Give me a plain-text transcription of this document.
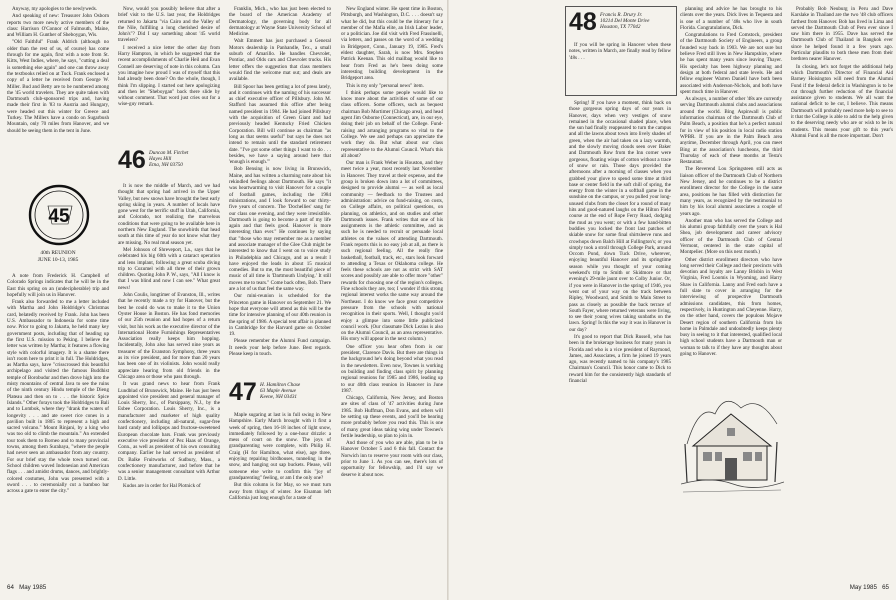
Anyway, my apologies to the newlyweds.

And speaking of new: Treasurer John Osborn reports two more newly active members of the class: Harrison O'Connor of Falmouth, Maine, and William H. Gunther of Sheboygan, Wis.

"Old Faithful" Frank Aldrich (although no older than the rest of us, of course) has come through for me again, first with a note from St. Kitts, West Indies, where, he says, "cutting a deal is something else again" and one can throw away the textbooks relied on at Tuck. Frank enclosed a copy of a letter he received from George W. Miller. Bud and Betty are to be numbered among the '45 world travelers. They are quite taken with Dartmouth club-sponsored trips and, having made their first in '83 to Austria and Hungary, were headed out this winter for Greece and Turkey. The Millers have a condo on Sugarbush Mountain, only 70 miles from Hanover, and we should be seeing them in the tent in June.

45
40th REUNION
JUNE 10-13, 1985

A note from Frederick H. Campbell of Colorado Springs indicates that he will be in the East this spring on an (undecipherable) trip and hopefully will join us in Hanover.

Frank also forwarded to me a letter included with Martha and John Holdridge's Christmas card, belatedly received by Frank. John has been U.S. Ambassador to Indonesia for some time now. Prior to going to Jakarta, he held many key government posts, including that of heading up the first U.S. mission to Peking. I believe the letter was written by Martha; it features a flowing style with colorful imagery. It is a shame there isn't room here to print it in full. The Holdridges, as Martha says, have "crisscrossed this beautiful archipelago and visited the famous Buddhist temple of Borobudur and then drove high into the misty mountains of central Java to see the ruins of the ninth century Hindu temple of the Dieng Plateau and then on to . . . the historic Spice Islands." Other forays took the Holdridges to Bali and to Lombok, where they "drank the waters of longevity . . . and ate sweet rice cones in a pavilion built in 1805 to represent a high and sacred volcano." Mount Rinjani, by a king who was too old to climb the mountain." An extended tour took them to Borneo and to many provincial towns, among them Surabaya, "where the people had never seen an ambassador from any country. For our brief stay the whole town turned out. School children waved Indonesian and American flags . . . and amidst drums, dances, and brightly-colored costumes, John was presented with a sword . . . to ceremonially cut a bamboo bar across a gate to enter the city."

Now, would you possibly believe that after a brief visit to the U.S. last year, the Holdridges returned to Jakarta "via Cairo and the Valley of the Nile, fulfilling a long cherished desire of John's"? Did I say something about '45 world travelers?

I received a nice letter the other day from Harry Hampton, in which he suggested that the recent accomplishments of Charlie Heil and Evan Connell are deserving of note in this column. Can you imagine how proud I was of myself that this had already been done? On the whole, though, I think I'm slipping. I started out here apologizing and then let "Sheboygan" back there slide by without comment. That word just cries out for a wise-guy remark.

46 Duncan M. Fitchet
Hayes Hill
Etna, NH 03750

It is now the middle of March, and we had thought that spring had arrived in the Upper Valley, but new snows have brought the best early spring skiing in years. A number of locals have gone west for the terrific stuff in Utah, California, and Colorado, not realizing the marvelous conditions that were going to be available here in northern New England. The snowbirds that head south at this time of year do not know what they are missing. No real mud season yet.

Mel Johnson of Shreveport, La., says that he celebrated his big 60th with a cataract operation and lens implant, following a great scuba diving trip to Cozumel with all three of their grown children. Quoting John P. W., says, "All I know is that I was blind and now I can see." What great news!

John Coulis, longtimer of Evanston, Ill., writes that he recently made a try for Hanover, but the best he could do was to make it to the Union Oyster House in Boston. He has fond memories of our 25th reunion and had hopes of a return visit, but his work as the executive director of the International Home Furnishings Representatives Association really keeps him hopping. Incidentally, John also has served nine years as treasurer of the Evanston Symphony, three years as its vice president, and for more than 20 years has been one of its violinists. John would really appreciate hearing from old friends in the Chicago area or those who pass through.

It was grand news to hear from Frank Lundblad of Brunswick, Maine. He has just been appointed vice president and general manager of Louis Sherry, Inc., of Parsippany, N.J., by the Esbee Corporation. Louis Sherry, Inc., is a manufacturer and marketer of high quality confectionery, including all-natural, sugar-free hard candy and lollipops and fructose-sweetened European chocolate bars. Frank was previously executive vice president of Pez Haas of Orange, Conn., as well as president of his own consulting company. Earlier he had served as president of Dr. Balke Fruitworks of Sudbury, Mass., a confectionery manufacturer, and before that he was a senior management consultant with Arthur D. Little.

Kudos are in order for Hal Plotnick of

Franklin, Mich., who has just been elected to the board of the American Academy of Dermatology, the governing body for all dermatology at Wayne State University School of Medicine.

Walt Emmett has just purchased a General Motors dealership in Panhandle, Tex., a small suburb of Amarillo. He handles Chevrolet, Pontiac, and Olds cars and Chevrolet trucks. His letter offers the suggestion that class members would find the welcome mat out; and deals are available.

Bill Spoor has been getting a lot of press lately, and it continues with the naming of his successor as chief executive officer of Pillsbury. John M. Stafford has assumed this office after being named president in 1984. He had joined Pillsbury with the acquisition of Green Giant and had previously headed Kentucky Fried Chicken Corporation. Bill will continue as chairman "as long as that seems useful" but says he does not intend to remain until the standard retirement date. "I've got some other things I want to do . . . besides, we have a saying around here that 'enough is enough.'"

Bob Bensing is now living in Brunswick, Maine, and has written a charming note about his rekindled feelings about Dartmouth. He says "it was heartwarming to visit Hanover for a couple of football games, including the 1984 ministrations, and I look forward to our thirty-five years of concern. The 'Dochellies' sang for our class one evening, and they were irresistible. Dartmouth is going to become a part of my life again and that feels good. Hanover is more interesting than ever." He continues by saying that "those who may remember me as a member and associate manager of the Glee Club might be interested to know that I went on to voice study in Philadelphia and Chicago, and as a result I have enjoyed the leads in about 15 musical comedies. But to me, the most beautiful piece of music of all time is 'Dartmouth Undying.' It still moves me to tears." Come back often, Bob. There are a lot of us that feel the same way.

Our mini-reunion is scheduled for the Princeton game in Hanover on September 21. We hope that everyone will attend as this will be the time for intensive planning of our 40th reunion in the spring of 1986. A special tent affair is planned in Cambridge for the Harvard game on October 19.

Please remember the Alumni Fund campaign. It needs your help before June. Best regards. Please keep in touch.

47 H. Hamilton Chase
63 Maple Avenue
Keene, NH 03431

Maple sugaring at last is in full swing in New Hampshire. Early March brought with it first a week of spring, then 16-18 inches of light snow, immediately followed by a one-hour drizzle: a mess of court on the snow. The joys of grandparenting were complete, with Philip H. Craig (H for Hamilton, what else), age three, enjoying repairing birdhouses, tunneling in the snow, and hanging out sap buckets. Please, will someone else write to confirm this "joy of grandparenting" feeling, or am I the only one?

But this column is for May, so we must turn away from things of winter. Joe Eisaman left California just long enough for a taste of

New England winter. He spent time in Boston, Pittsburgh, and Washington, D.C. . . . doesn't say what he did, but this could be the itinerary for a member of the Mafia elite, an Irish Labor leader, or a politician. Joe did visit with Fred Frassinelli, via letters, and passes on the word of a wedding in Bridgeport, Conn., January 19, 1985. Fred's eldest daughter, Sarah, is now Mrs. Stephen Patrick Keenan. This old mailbag would like to hear from Fred as he's been doing some interesting building development in the Bridgeport area.

This is my only "personal news" item.

I think perhaps some people would like to know more about the activities of some of our class officers. Some officers, such as bequest chairman Bob Mortimer (Chicago area), and head agent Jim Osborne (Connecticut), are, in our eye, doing their job on behalf of the College. Fund-raising and arranging programs so vital to the College. We see and perhaps can appreciate the work they do. But what about our class representative to the Alumni Council. What's this all about?

Our man is Frank Weber in Houston, and they meet twice a year, most recently last November in Hanover. They travel at their expense, and the group is broken down into a lot of committees, designed to provide alumni — as well as local community — feedback to the Trustees and administration: advice on fund-raising, on costs, on College affairs, on political questions, on planning, on athletics, and on studies and other Dartmouth issues. Frank writes that one of his assignments is the athletic committee, and as such he is needed to recruit or persuade local athletes on the values of attending Dartmouth. Frank reports this is no easy job at all, as there is such regional feeling. All the really fine basketball, football, track, etc., stars look forward to attending a Texas or Oklahoma college. He feels these schools are not as strict with SAT scores and possibly are able to offer more "other" rewards for choosing one of the region's colleges. Fine schools they are, too; I wonder if this strong regional interest works the same way around the Northeast. I do know we face great competitive pressure from the schools with national recognition in their sports. Well, I thought you'd enjoy a glimpse into some little publicized council work. (Our classmate Dick Lezius is also on the Alumni Council, as an area representative. His story will appear in the next column.)

One officer you hear often from is our president, Clarence Davis. But there are things in the background he's doing beyond what you read in the newsletters. Even now, Townes is working on building and finding class spirit by planning regional reunions for 1985 and 1986, leading up to our 40th class reunion in Hanover in June 1987.

Chicago, California, New Jersey, and Boston are sites of class of '47 activities during June 1985. Bob Huffman, Don Evans, and others will be setting up these events, and you'll be hearing more probably before you read this. This is one of many great ideas taking wing under Townes's fertile leadership, so plan to join in.

And those of you who are able, plan to be in Hanover October 5 and 6 this fall. Contact the Norwich inn to reserve your room with our class, prior to June 1. As you can see, there's lots of opportunity for fellowship, and I'd say we deserve it about now.

48 Francis R. Drury Jr.
10214 Del Monte Drive
Houston, TX 77042

If you will be spring in Hanover when these notes, written in March, are finally read by fellow '48s . . .

Spring! If you have a moment, think back on those gorgeous spring days of our years in Hanover, days when very vestiges of snow remained in the occasional shaded place, when the sun had finally reappeared to turn the campus and all the lawns about town into lively shades of green, when the air had taken on a lazy warmth, and the slowly moving clouds seen over Baker and Dartmouth Row from the Inn corner were gorgeous, floating wisps of cotton without a trace of snow or rain. Those days provided the afternoons after a morning of classes when you grabbed your glove to spend some time at third base or center field in the soft chill of spring, the energy from the winter in a softball game in the sunshine on the campus, or you pulled your long-unused clubs from the closet for a round of many hits and good-natured laughs on the Hilton Field course at the end of Rope Ferry Road, dodging the mud as you went; or with a few hand-bitten buddies you locked the front last patches of skiable snow for some final shirtsleeve runs and crowhops down Balch Hill at Fullington's; or you simply took a stroll through College Park, around Occom Pond, down Tuck Drive, wherever, enjoying beautiful Hanover and its springtime season while you thought of your coming weekend's trip to Smith or Skidmore or that evening's 29-mile jaunt over to Colby Junior. Or, if you were in Hanover in the spring of 1946, you went out of your way on the track between Ripley, Woodward, and Smith to Main Street to pass as closely as possible the back terrace of South Fayer, where returned veterans were living, to see their young wives taking sunbaths on the lawn. Spring! Is this the way it was in Hanover in our day?

It's good to report that Dick Russell, who has been in the brokerage business for many years in Florida and who is a vice president of Raymond, James, and Associates, a firm he joined 19 years ago, was recently named to his company's 1985 Chairman's Council. This honor came to Dick to reward him for the consistently high standards of financial

planning and advice he has brought to his clients over the years. Dick lives in Tequesta and is one of a number of '48s who live in south Florida. Congratulations, Dick.

Congratulations to Fred Comstock, president of the Dartmouth Society of Engineers, a group founded way back in 1903. We are not sure but believe Fred still lives in New Hampshire, where he has spent many years since leaving Thayer. His specialty has been highway planning and design at both federal and state levels. He and fellow engineer Warren Daniell have both been associated with Anderson-Nichols, and both have spent much time in Hanover.

As always, a number of other '48s are currently serving Dartmouth alumni clubs and associations around the world. Bing Aspinwall is public information chairman of the Dartmouth Club of Palm Beach, a position that he's a perfect natural for in view of his position in local radio station WPBR. If you are in the Palm Beach area anytime, December through April, you can meet Bing at the association's luncheons, the third Thursday of each of these months at Testa's Restaurant.

The Reverend Lou Springsteen still acts as liaison officer of the Dartmouth Club of Northern New Jersey, and he continues to be a district enrollment director for the College in the same area, positions he has filled with distinction for many years, as recognized by the testimonial to him by his local alumni associates a couple of years ago.

Another man who has served the College and his alumni group faithfully over the years is Hal Shea, job development and career advisory officer of the Dartmouth Club of Central Vermont, centered in the state capital of Montpelier. (More on this next month.)

Other district enrollment directors who have long served their College and their precincts with devotion and loyalty are Lanny Brisbin in West Virginia, Fred Loomis in Wyoming, and Harry Shaw in California. Lanny and Fred each have a full slate to cover in arranging for the interviewing of prospective Dartmouth admissions candidates, this from homes, respectively, in Huntington and Cheyenne. Harry, on the other hand, covers the populous Mojave Desert region of southern California from his home in Palmdale and undoubtedly keeps plenty busy in seeing to it that interested, qualified local high school students have a Dartmouth man or woman to talk to if they have any thoughts about going to Hanover.

Probably Bob Neuburg in Peru and Dave Karslake in Thailand are the two '48 club officers farthest from Hanover. Bob has lived in Lima and served the Dartmouth Club of Peru ever since I saw him there in 1955. Dave has served the Dartmouth Club of Thailand in Bangkok ever since he helped found it a few years ago. Particular plaudits to both these men from their brethren nearer Hanover.

In closing, let's not forget the additional help which Dartmouth's Director of Financial Aid Barney Hoisington will need from the Alumni Fund if the federal deficit in Washington is to be cut through further reduction of the financial assistance given to students. We all want the national deficit to be cut, I believe. This means Dartmouth will probably need more help to see to it that the College is able to add to the help given to the deserving needy who are or wish to be its students. This means your gift to this year's Alumni Fund is all the more important. Don't

64 May 1985	May 1985 65
